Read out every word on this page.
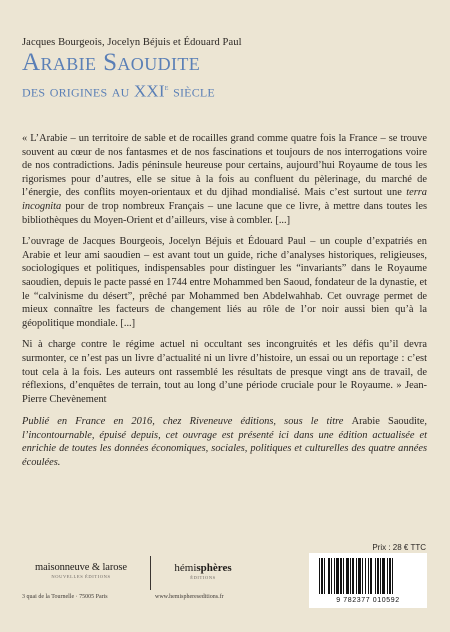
Jacques Bourgeois, Jocelyn Béjuis et Édouard Paul
Arabie Saoudite
des origines au XXIe siècle

« L’Arabie – un territoire de sable et de rocailles grand comme quatre fois la France – se trouve souvent au cœur de nos fantasmes et de nos fascinations et toujours de nos interrogations voire de nos contradictions. Jadis péninsule heureuse pour certains, aujourd’hui Royaume de tous les rigorismes pour d’autres, elle se situe à la fois au confluent du pèlerinage, du marché de l’énergie, des conflits moyen-orientaux et du djihad mondialisé. Mais c’est surtout une terra incognita pour de trop nombreux Français – une lacune que ce livre, à mettre dans toutes les bibliothèques du Moyen-Orient et d’ailleurs, vise à combler. [...]

L’ouvrage de Jacques Bourgeois, Jocelyn Béjuis et Édouard Paul – un couple d’expatriés en Arabie et leur ami saoudien – est avant tout un guide, riche d’analyses historiques, religieuses, sociologiques et politiques, indispensables pour distinguer les “invariants” dans le Royaume saoudien, depuis le pacte passé en 1744 entre Mohammed ben Saoud, fondateur de la dynastie, et le “calvinisme du désert”, prêché par Mohammed ben Abdelwahhab. Cet ouvrage permet de mieux connaître les facteurs de changement liés au rôle de l’or noir aussi bien qu’à la géopolitique mondiale. [...]

Ni à charge contre le régime actuel ni occultant ses incongruités et les défis qu’il devra surmonter, ce n’est pas un livre d’actualité ni un livre d’histoire, un essai ou un reportage : c’est tout cela à la fois. Les auteurs ont rassemblé les résultats de presque vingt ans de travail, de réflexions, d’enquêtes de terrain, tout au long d’une période cruciale pour le Royaume. » Jean-Pierre Chevènement

Publié en France en 2016, chez Riveneuve éditions, sous le titre Arabie Saoudite, l’incontournable, épuisé depuis, cet ouvrage est présenté ici dans une édition actualisée et enrichie de toutes les données économiques, sociales, politiques et culturelles des quatre années écoulées.

maisonneuve & larose
NOUVELLES ÉDITIONS
hémisphères
ÉDITIONS
3 quai de la Tournelle · 75005 Paris	www.hemisphereseditions.fr
Prix : 28 € TTC
9 782377 010592
